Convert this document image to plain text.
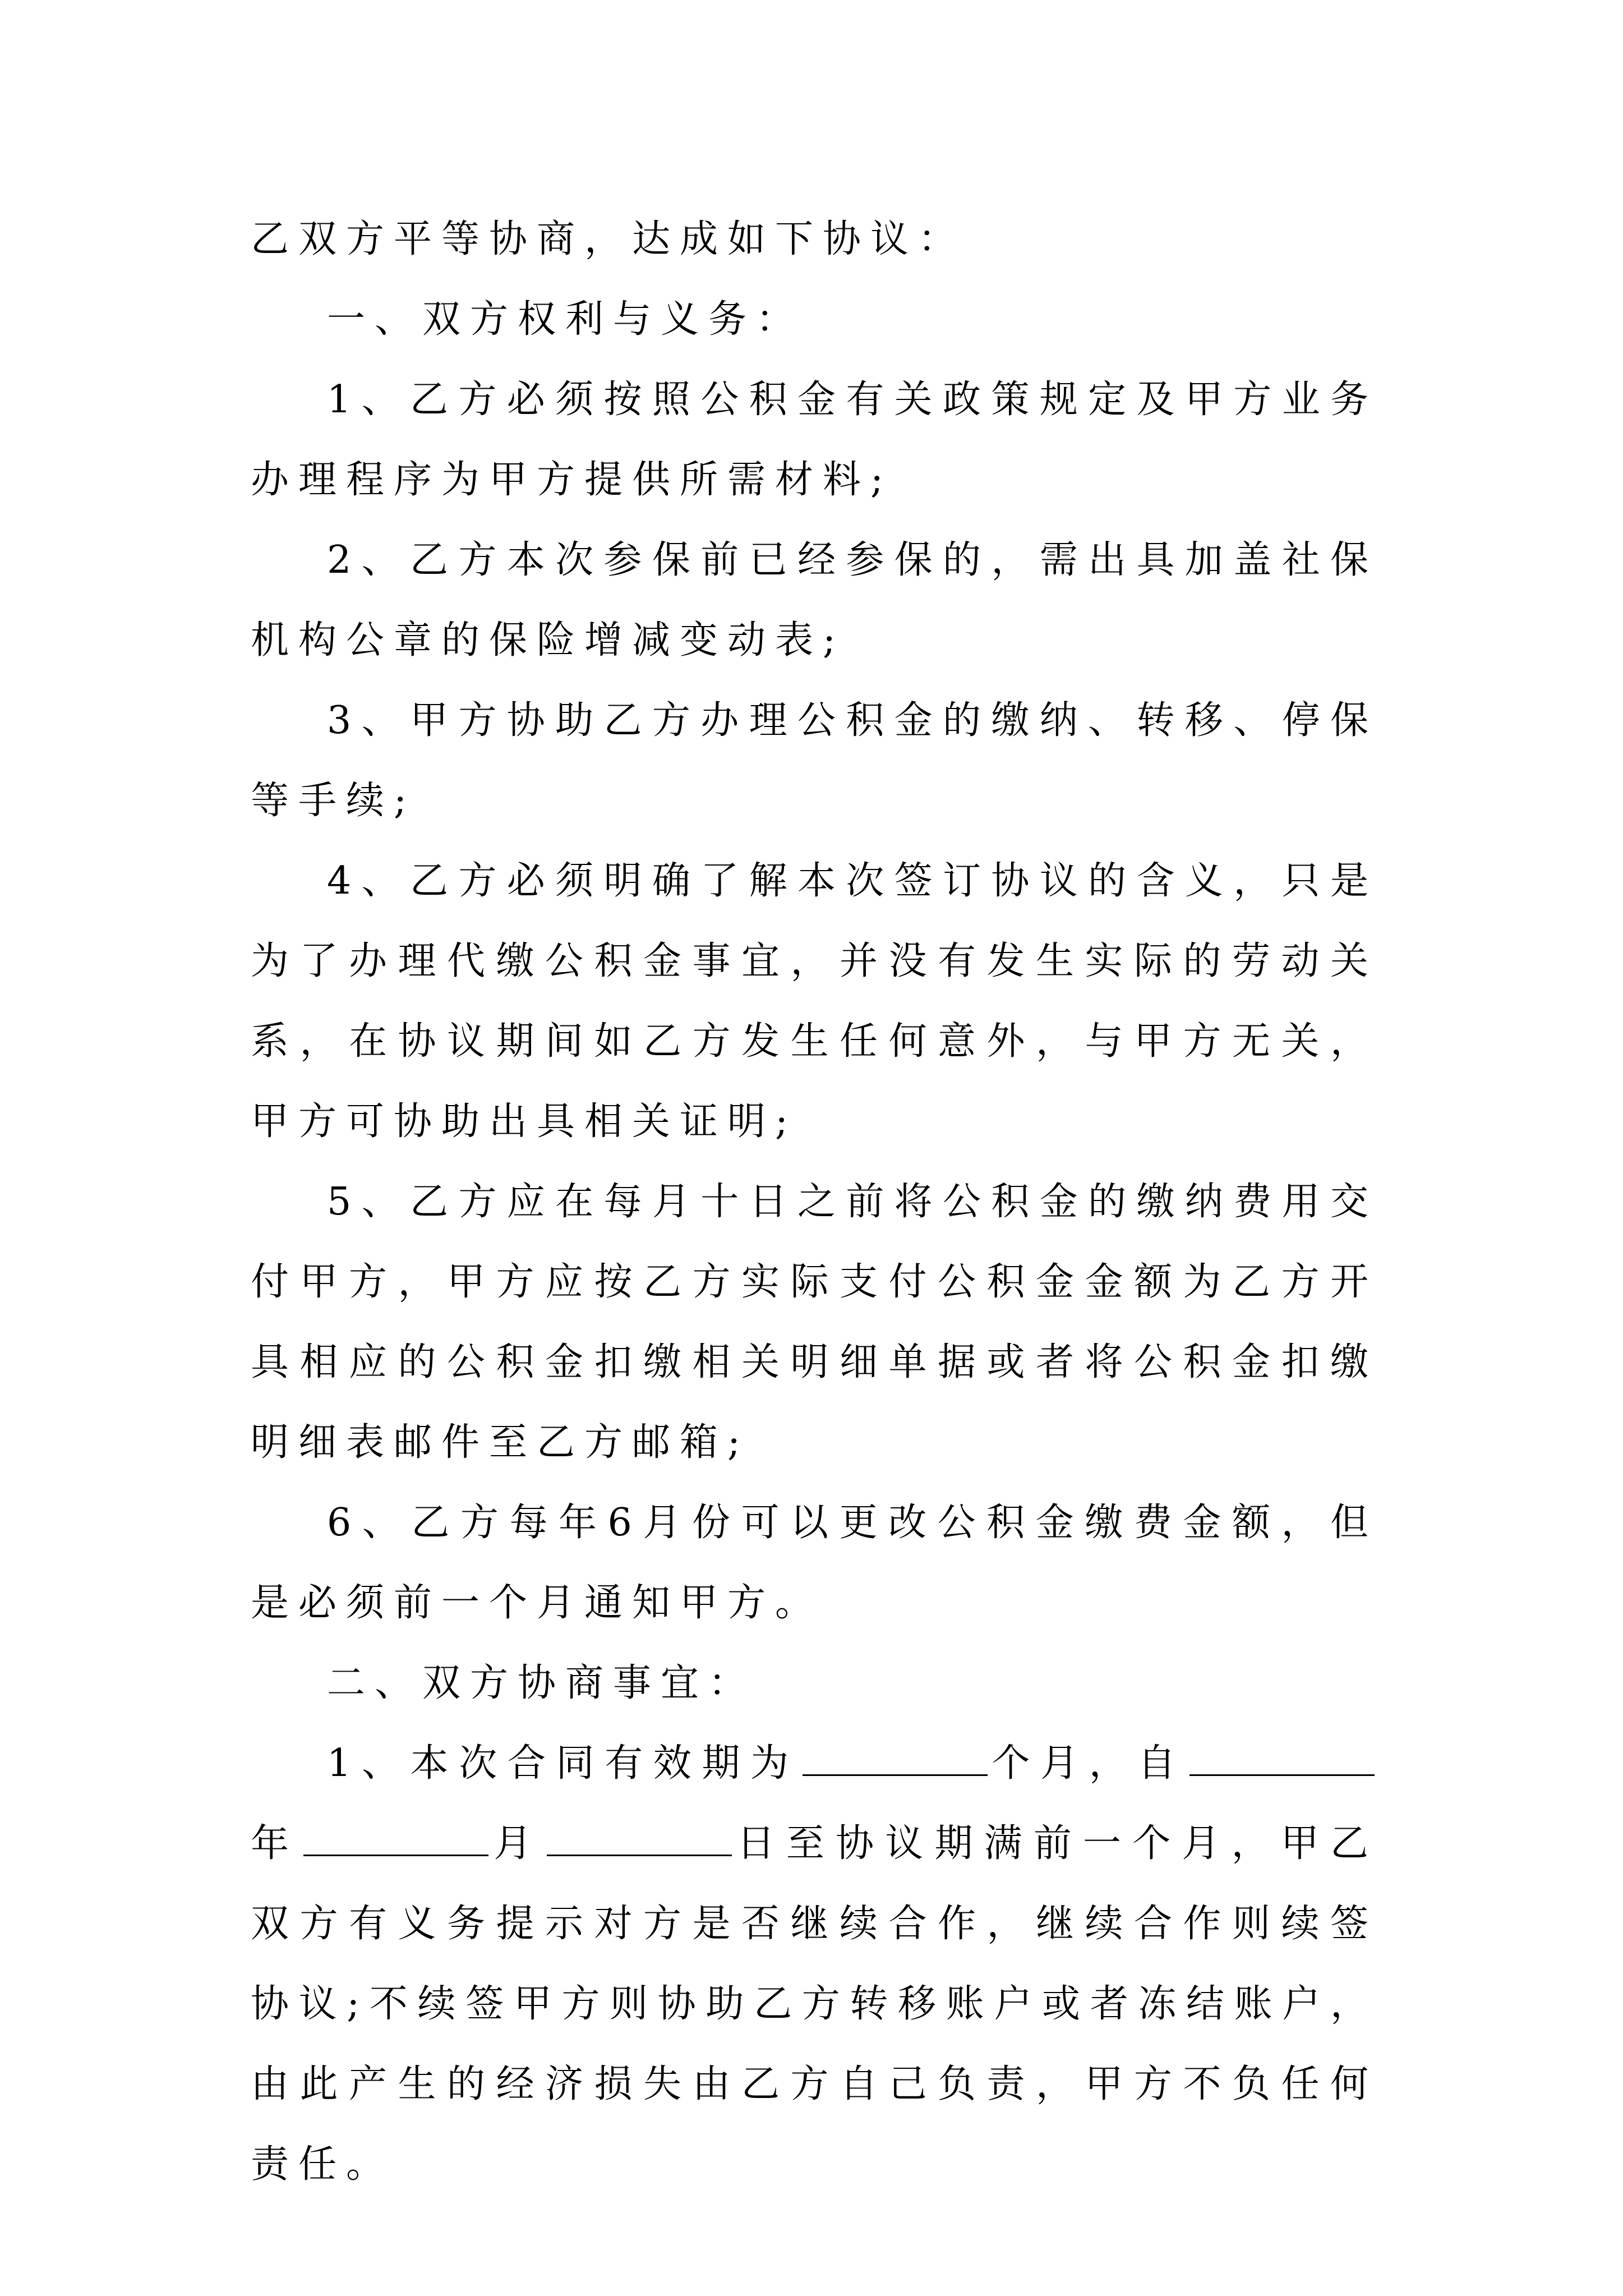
乙双方平等协商，达成如下协议：

一、双方权利与义务：

1、乙方必须按照公积金有关政策规定及甲方业务办理程序为甲方提供所需材料;

2、乙方本次参保前已经参保的，需出具加盖社保机构公章的保险增减变动表;

3、甲方协助乙方办理公积金的缴纳、转移、停保等手续;

4、乙方必须明确了解本次签订协议的含义，只是为了办理代缴公积金事宜，并没有发生实际的劳动关系，在协议期间如乙方发生任何意外，与甲方无关，甲方可协助出具相关证明;

5、乙方应在每月十日之前将公积金的缴纳费用交付甲方，甲方应按乙方实际支付公积金金额为乙方开具相应的公积金扣缴相关明细单据或者将公积金扣缴明细表邮件至乙方邮箱;

6、乙方每年6月份可以更改公积金缴费金额，但是必须前一个月通知甲方。

二、双方协商事宜：

1、本次合同有效期为	个月，自年	月	日至协议期满前一个月，甲乙双方有义务提示对方是否继续合作，继续合作则续签协议;不续签甲方则协助乙方转移账户或者冻结账户，由此产生的经济损失由乙方自己负责，甲方不负任何责任。
